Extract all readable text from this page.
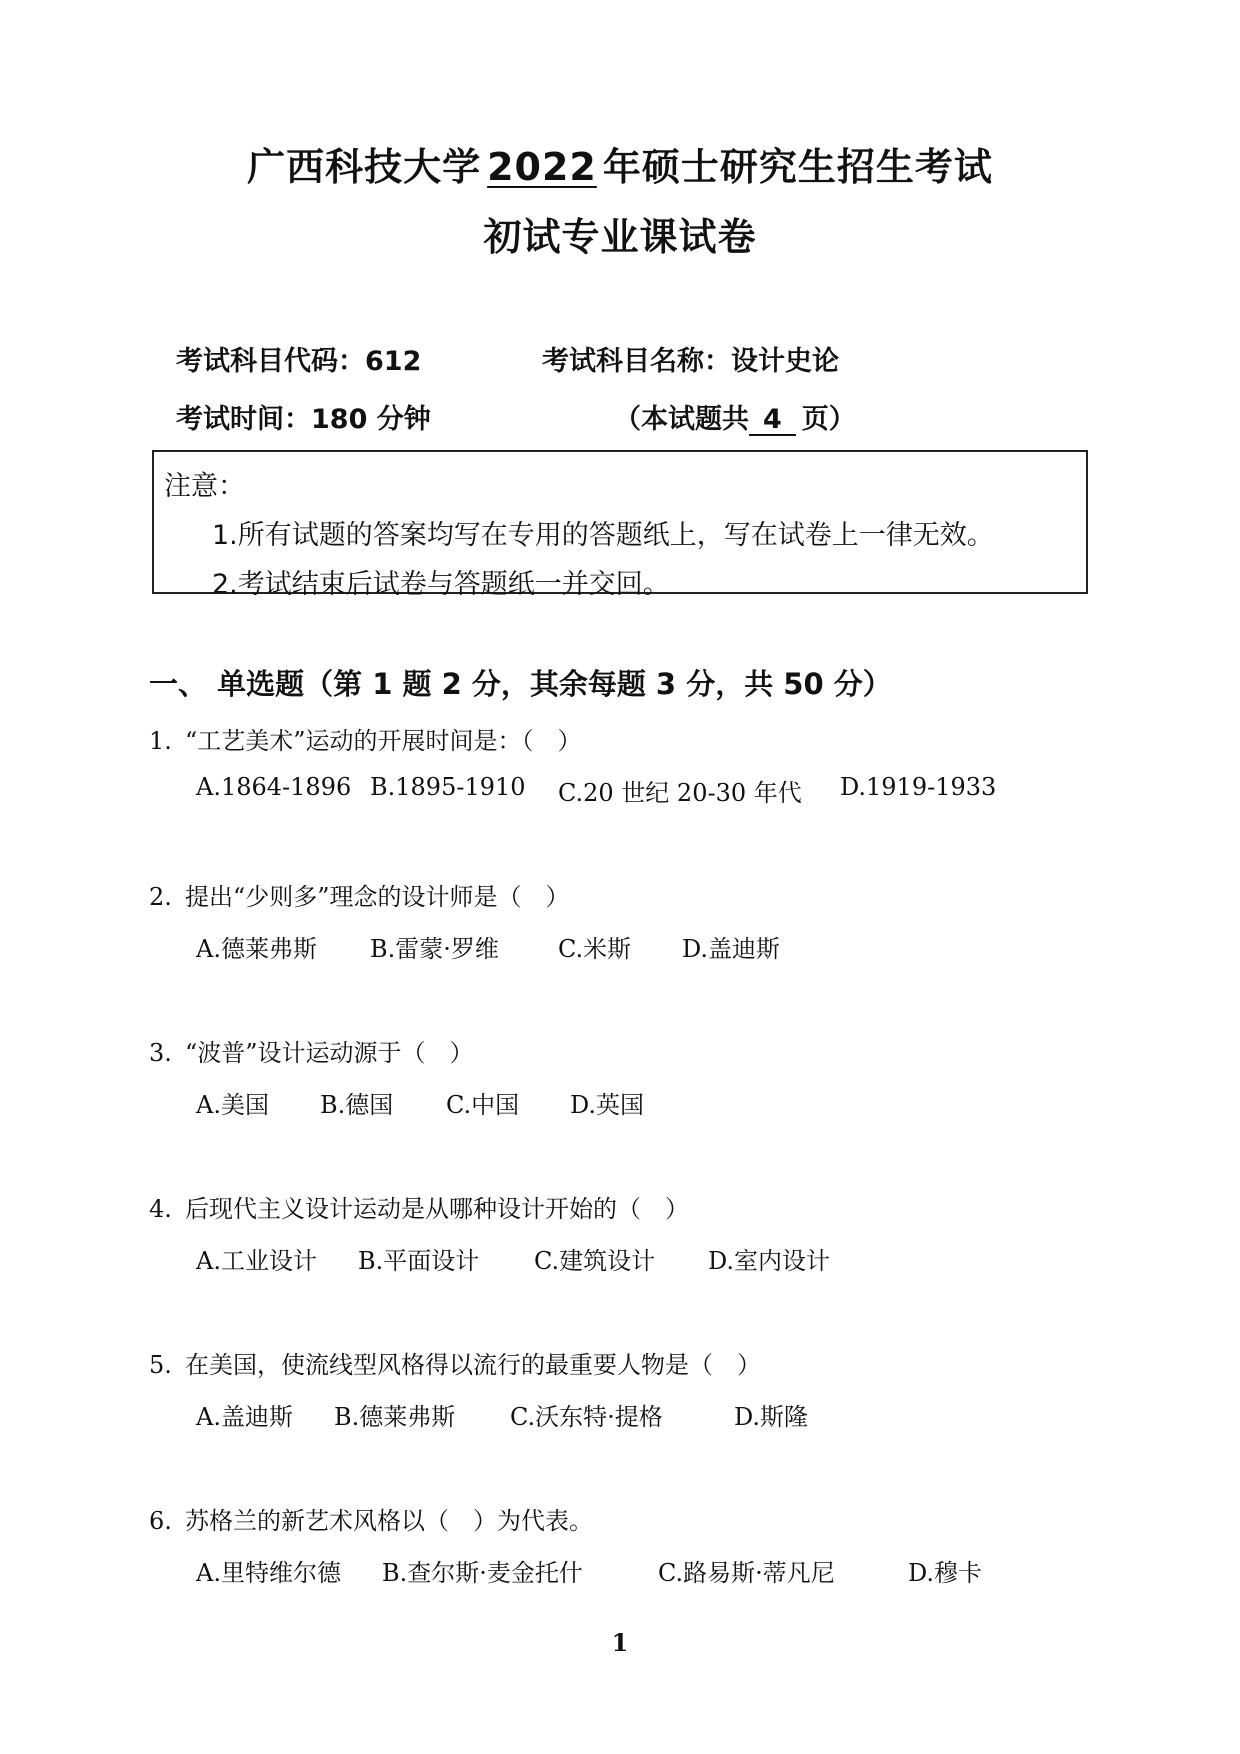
广西科技大学 2022 年硕士研究生招生考试
初试专业课试卷
考试科目代码：612	考试科目名称：设计史论
考试时间：180 分钟	（本试题共 4 页）
注意：
1.所有试题的答案均写在专用的答题纸上，写在试卷上一律无效。
2.考试结束后试卷与答题纸一并交回。
一、 单选题（第 1 题 2 分，其余每题 3 分，共 50 分）
1. “工艺美术”运动的开展时间是：（　）
A.1864-1896 B.1895-1910 C.20 世纪 20-30 年代 D.1919-1933
2. 提出“少则多”理念的设计师是（　）
A.德莱弗斯 B.雷蒙·罗维 C.米斯 D.盖迪斯
3. “波普”设计运动源于（　）
A.美国 B.德国 C.中国 D.英国
4. 后现代主义设计运动是从哪种设计开始的（　）
A.工业设计 B.平面设计 C.建筑设计 D.室内设计
5. 在美国，使流线型风格得以流行的最重要人物是（　）
A.盖迪斯 B.德莱弗斯 C.沃东特·提格	D.斯隆
6. 苏格兰的新艺术风格以（　）为代表。
A.里特维尔德 B.查尔斯·麦金托什	C.路易斯·蒂凡尼	D.穆卡
1
